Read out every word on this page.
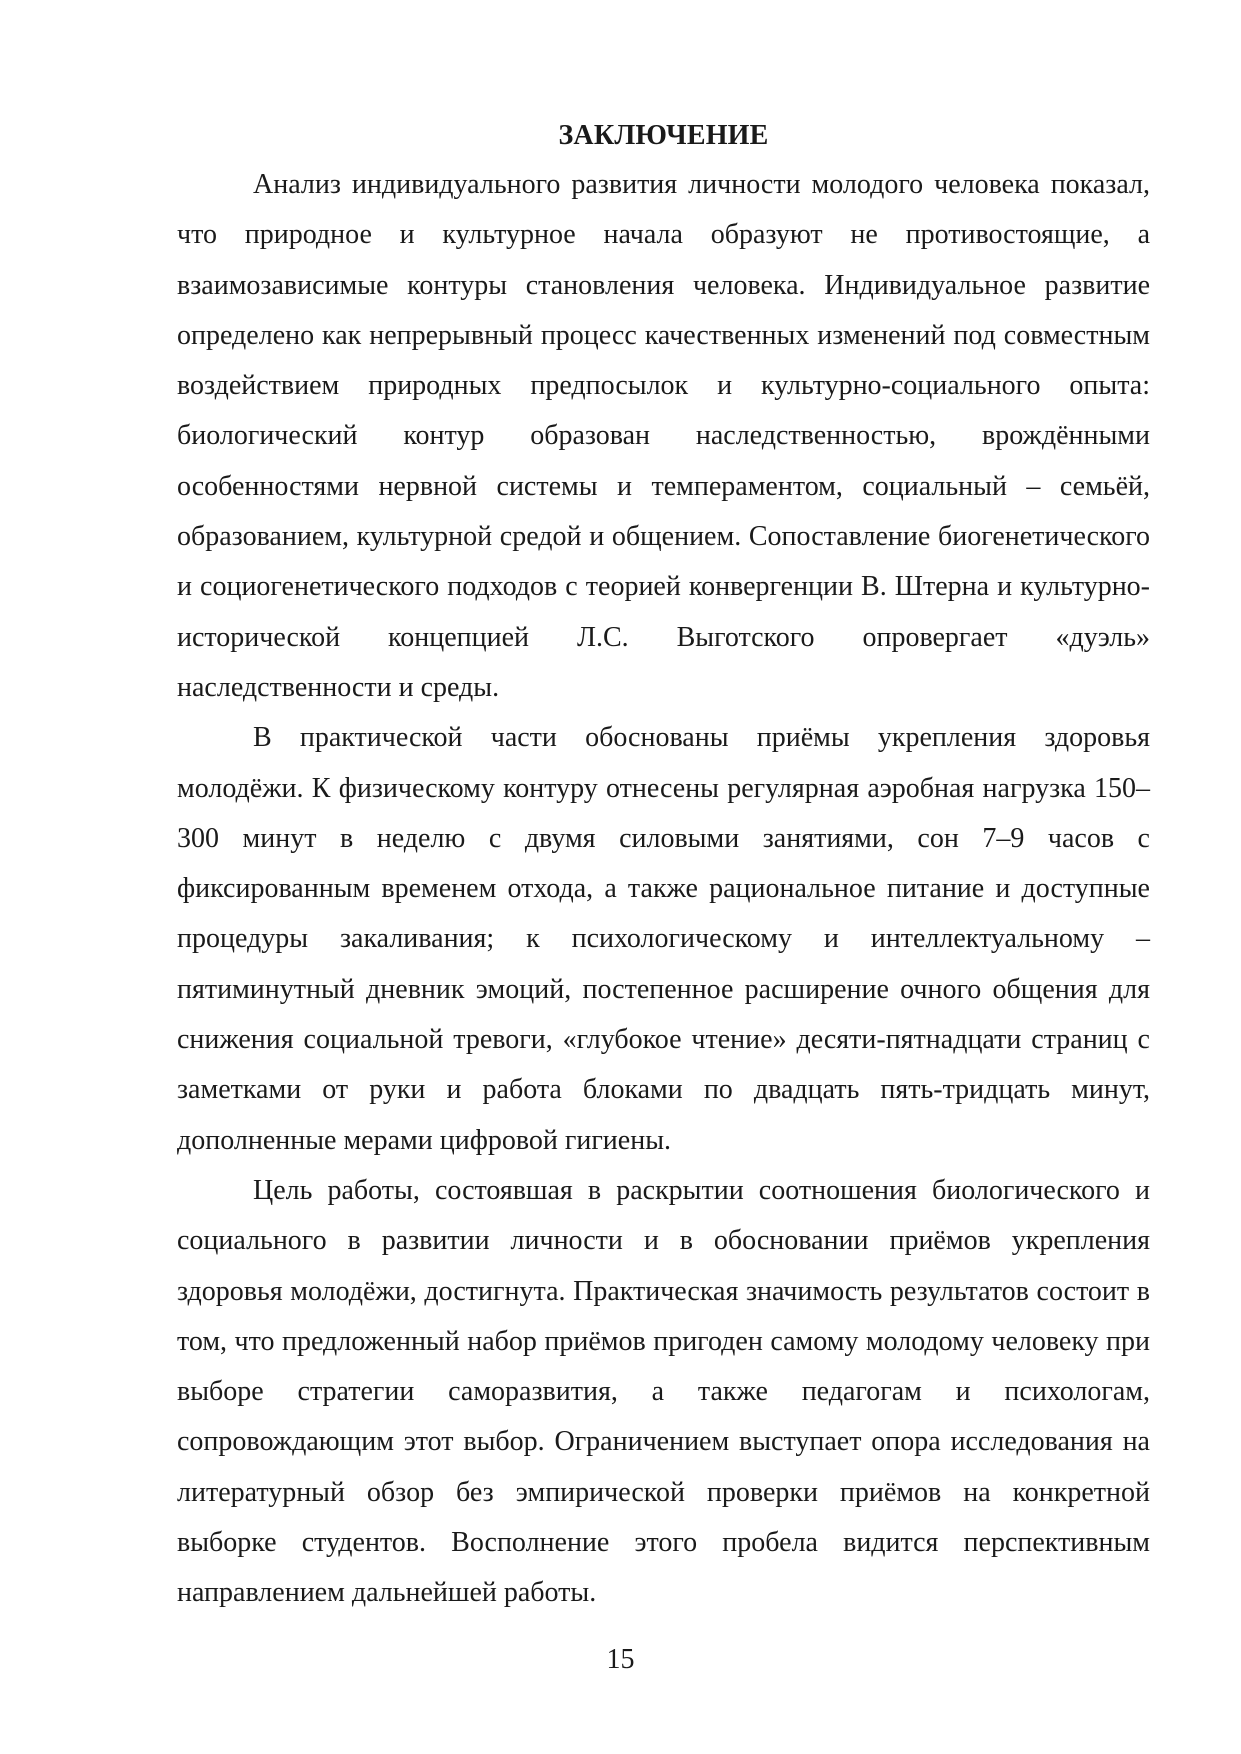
ЗАКЛЮЧЕНИЕ

Анализ индивидуального развития личности молодого человека показал, что природное и культурное начала образуют не противостоящие, а взаимозависимые контуры становления человека. Индивидуальное развитие определено как непрерывный процесс качественных изменений под совместным воздействием природных предпосылок и культурно-социального опыта: биологический контур образован наследственностью, врождёнными особенностями нервной системы и темпераментом, социальный – семьёй, образованием, культурной средой и общением. Сопоставление биогенетического и социогенетического подходов с теорией конвергенции В. Штерна и культурно-исторической концепцией Л.С. Выготского опровергает «дуэль» наследственности и среды.

В практической части обоснованы приёмы укрепления здоровья молодёжи. К физическому контуру отнесены регулярная аэробная нагрузка 150–300 минут в неделю с двумя силовыми занятиями, сон 7–9 часов с фиксированным временем отхода, а также рациональное питание и доступные процедуры закаливания; к психологическому и интеллектуальному – пятиминутный дневник эмоций, постепенное расширение очного общения для снижения социальной тревоги, «глубокое чтение» десяти-пятнадцати страниц с заметками от руки и работа блоками по двадцать пять-тридцать минут, дополненные мерами цифровой гигиены.

Цель работы, состоявшая в раскрытии соотношения биологического и социального в развитии личности и в обосновании приёмов укрепления здоровья молодёжи, достигнута. Практическая значимость результатов состоит в том, что предложенный набор приёмов пригоден самому молодому человеку при выборе стратегии саморазвития, а также педагогам и психологам, сопровождающим этот выбор. Ограничением выступает опора исследования на литературный обзор без эмпирической проверки приёмов на конкретной выборке студентов. Восполнение этого пробела видится перспективным направлением дальнейшей работы.

15
